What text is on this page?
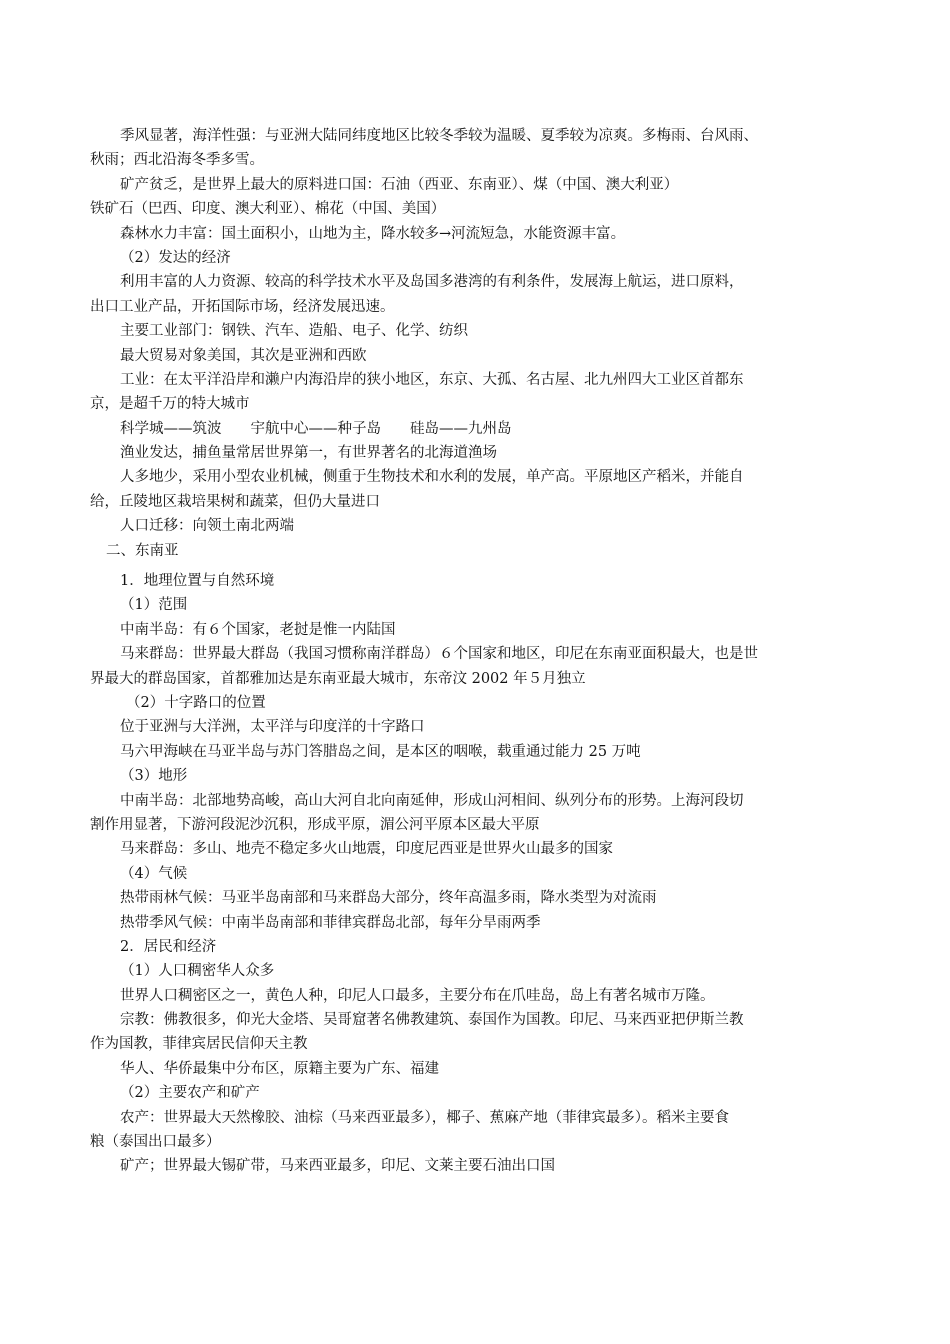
季风显著，海洋性强：与亚洲大陆同纬度地区比较冬季较为温暖、夏季较为凉爽。多梅雨、台风雨、
秋雨；西北沿海冬季多雪。
矿产贫乏，是世界上最大的原料进口国：石油（西亚、东南亚）、煤（中国、澳大利亚）
铁矿石（巴西、印度、澳大利亚）、棉花（中国、美国）
森林水力丰富：国土面积小，山地为主，降水较多→河流短急，水能资源丰富。
（2）发达的经济
利用丰富的人力资源、较高的科学技术水平及岛国多港湾的有利条件，发展海上航运，进口原料，
出口工业产品，开拓国际市场，经济发展迅速。
主要工业部门：钢铁、汽车、造船、电子、化学、纺织
最大贸易对象美国，其次是亚洲和西欧
工业：在太平洋沿岸和濑户内海沿岸的狭小地区，东京、大孤、名古屋、北九州四大工业区首都东
京，是超千万的特大城市
科学城——筑波　　宇航中心——种子岛　　硅岛——九州岛
渔业发达，捕鱼量常居世界第一，有世界著名的北海道渔场
人多地少，采用小型农业机械，侧重于生物技术和水利的发展，单产高。平原地区产稻米，并能自
给，丘陵地区栽培果树和蔬菜，但仍大量进口
人口迁移：向领土南北两端
二、东南亚
1．地理位置与自然环境
（1）范围
中南半岛：有６个国家，老挝是惟一内陆国
马来群岛：世界最大群岛（我国习惯称南洋群岛）６个国家和地区，印尼在东南亚面积最大，也是世
界最大的群岛国家，首都雅加达是东南亚最大城市，东帝汶 2002 年５月独立
（2）十字路口的位置
位于亚洲与大洋洲，太平洋与印度洋的十字路口
马六甲海峡在马亚半岛与苏门答腊岛之间，是本区的咽喉，载重通过能力 25 万吨
（3）地形
中南半岛：北部地势高峻，高山大河自北向南延伸，形成山河相间、纵列分布的形势。上海河段切
割作用显著，下游河段泥沙沉积，形成平原，湄公河平原本区最大平原
马来群岛：多山、地壳不稳定多火山地震，印度尼西亚是世界火山最多的国家
（4）气候
热带雨林气候：马亚半岛南部和马来群岛大部分，终年高温多雨，降水类型为对流雨
热带季风气候：中南半岛南部和菲律宾群岛北部，每年分旱雨两季
2．居民和经济
（1）人口稠密华人众多
世界人口稠密区之一，黄色人种，印尼人口最多，主要分布在爪哇岛，岛上有著名城市万隆。
宗教：佛教很多，仰光大金塔、吴哥窟著名佛教建筑、泰国作为国教。印尼、马来西亚把伊斯兰教
作为国教，菲律宾居民信仰天主教
华人、华侨最集中分布区，原籍主要为广东、福建
（2）主要农产和矿产
农产：世界最大天然橡胶、油棕（马来西亚最多），椰子、蕉麻产地（菲律宾最多）。稻米主要食
粮（泰国出口最多）
矿产；世界最大锡矿带，马来西亚最多，印尼、文莱主要石油出口国
